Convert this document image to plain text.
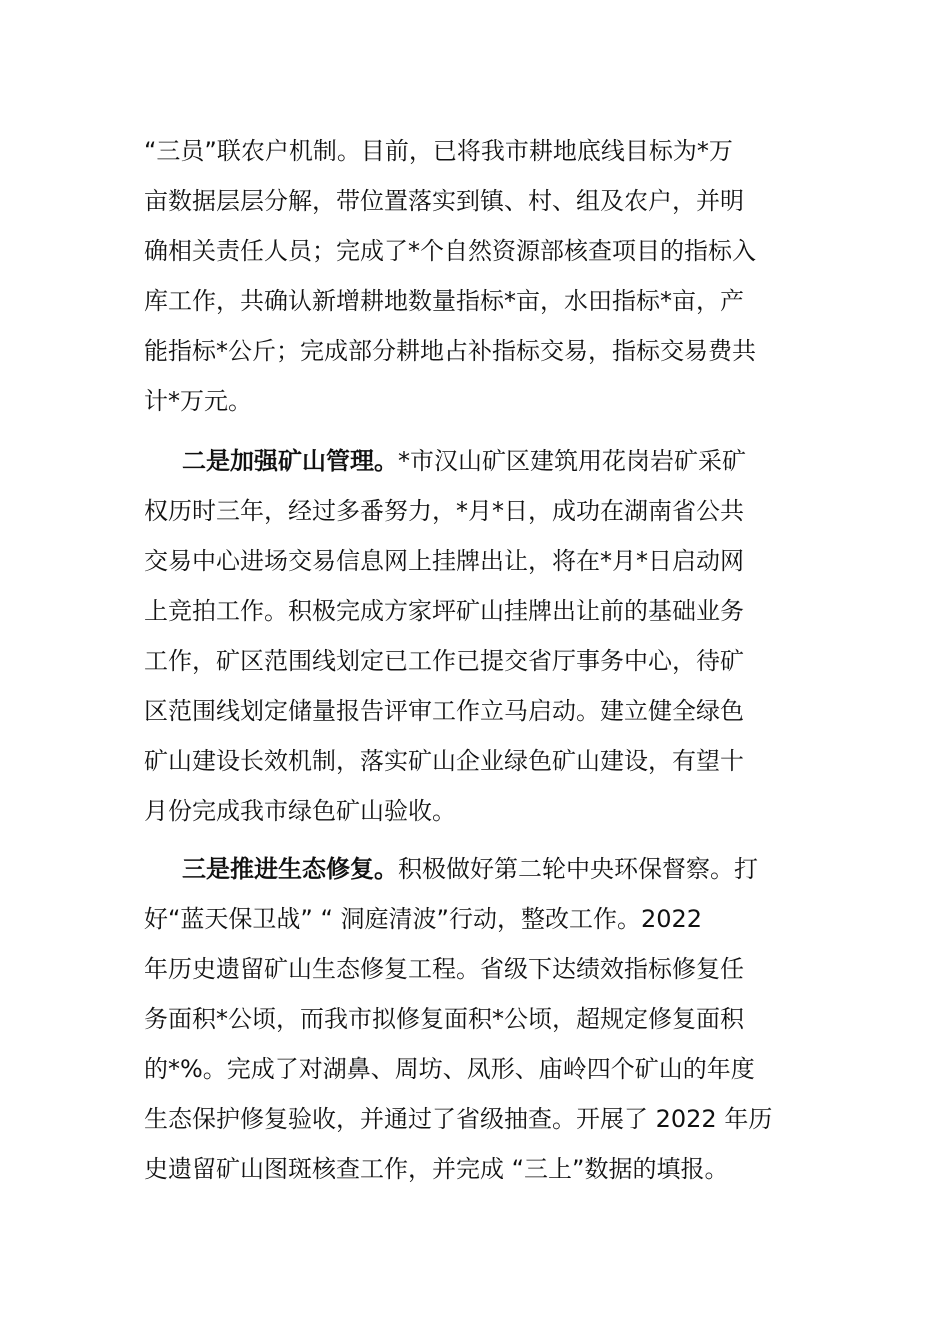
“三员”联农户机制。目前，已将我市耕地底线目标为*万
亩数据层层分解，带位置落实到镇、村、组及农户，并明
确相关责任人员；完成了*个自然资源部核查项目的指标入
库工作，共确认新增耕地数量指标*亩，水田指标*亩，产
能指标*公斤；完成部分耕地占补指标交易，指标交易费共
计*万元。
二是加强矿山管理。*市汉山矿区建筑用花岗岩矿采矿
权历时三年，经过多番努力，*月*日，成功在湖南省公共
交易中心进场交易信息网上挂牌出让，将在*月*日启动网
上竞拍工作。积极完成方家坪矿山挂牌出让前的基础业务
工作，矿区范围线划定已工作已提交省厅事务中心，待矿
区范围线划定储量报告评审工作立马启动。建立健全绿色
矿山建设长效机制，落实矿山企业绿色矿山建设，有望十
月份完成我市绿色矿山验收。
三是推进生态修复。积极做好第二轮中央环保督察。打
好“蓝天保卫战” “ 洞庭清波”行动，整改工作。2022
年历史遗留矿山生态修复工程。省级下达绩效指标修复任
务面积*公顷，而我市拟修复面积*公顷，超规定修复面积
的*%。完成了对湖鼻、周坊、凤形、庙岭四个矿山的年度
生态保护修复验收，并通过了省级抽查。开展了 2022 年历
史遗留矿山图斑核查工作，并完成 “三上”数据的填报。
